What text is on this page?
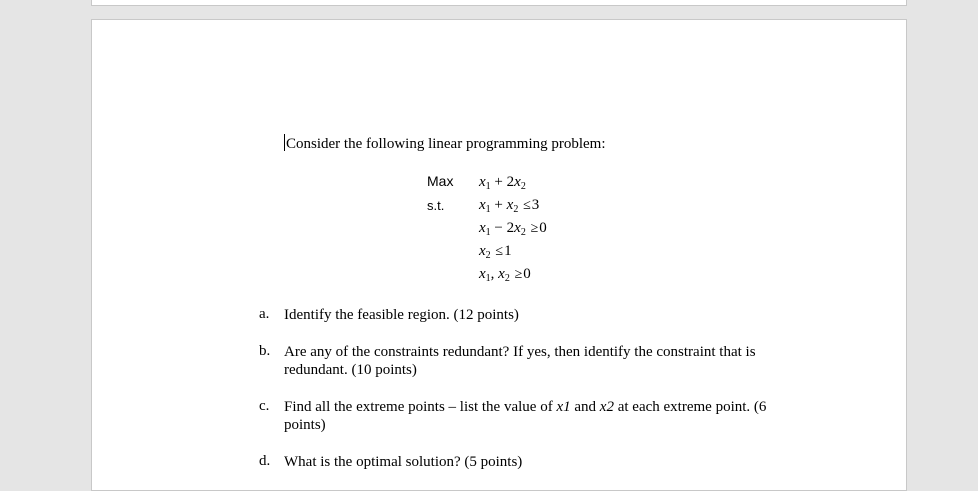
Consider the following linear programming problem:
Max
s.t.
$x_1 + 2x_2$
$x_1 + x_2 \le 3$
$x_1 - 2x_2 \ge 0$
$x_2 \le 1$
$x_1$, $x_2 \ge 0$
a. Identify the feasible region. (12 points)
b. Are any of the constraints redundant? If yes, then identify the constraint that is redundant. (10 points)
c. Find all the extreme points – list the value of x1 and x2 at each extreme point. (6 points)
d. What is the optimal solution? (5 points)
